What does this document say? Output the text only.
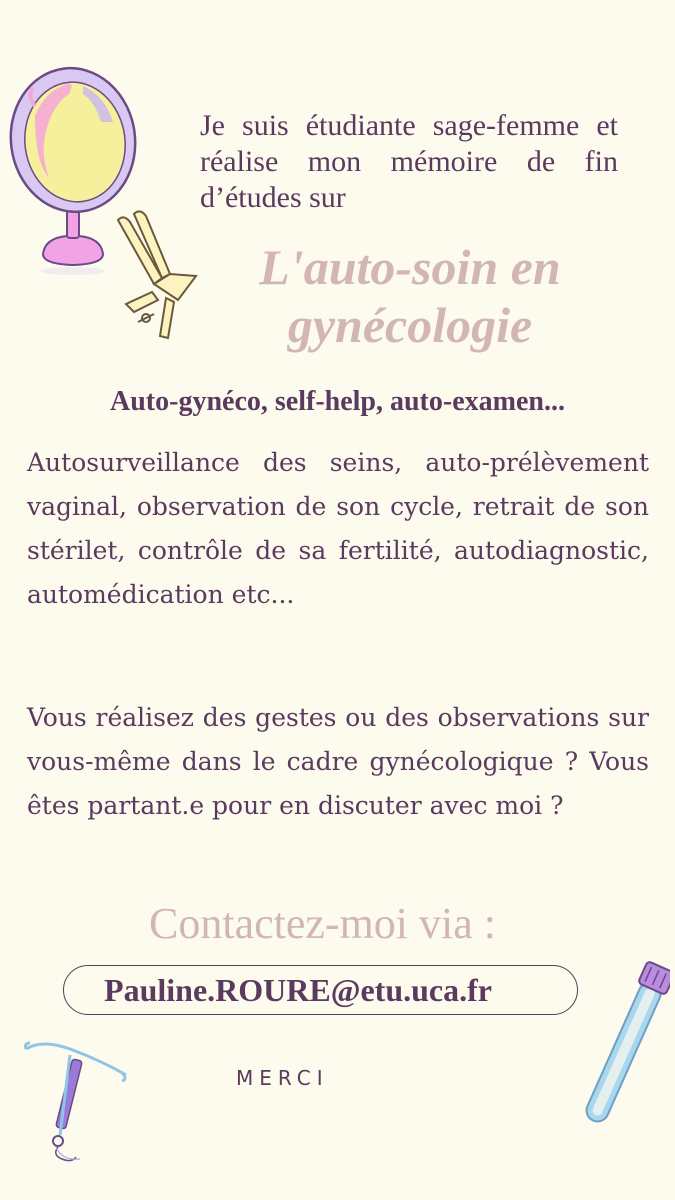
Je suis étudiante sage-femme et réalise mon mémoire de fin d’études sur
L'auto-soin en
gynécologie
Auto-gynéco, self-help, auto-examen...
Autosurveillance des seins, auto-prélèvement vaginal, observation de son cycle, retrait de son stérilet, contrôle de sa fertilité, autodiagnostic, automédication etc...
Vous réalisez des gestes ou des observations sur vous-même dans le cadre gynécologique ? Vous êtes partant.e pour en discuter avec moi ?
Contactez-moi via :
Pauline.ROURE@etu.uca.fr
MERCI
